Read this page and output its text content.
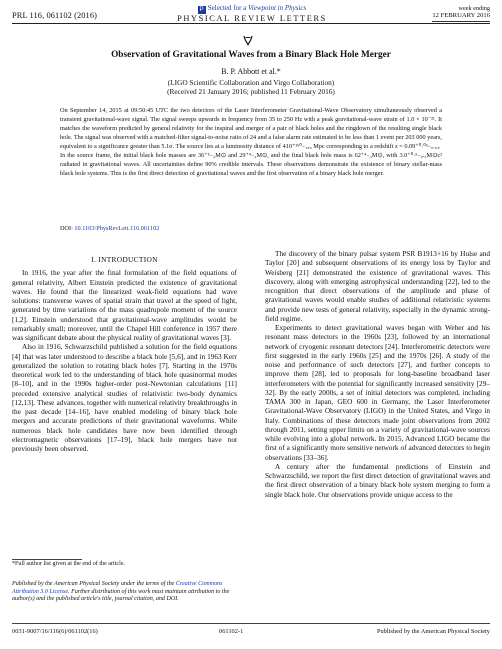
PRL 116, 061102 (2016)
P Selected for a Viewpoint in Physics
PHYSICAL REVIEW LETTERS
week ending
12 FEBRUARY 2016
Observation of Gravitational Waves from a Binary Black Hole Merger
B. P. Abbott et al.*
(LIGO Scientific Collaboration and Virgo Collaboration)
(Received 21 January 2016; published 11 February 2016)

On September 14, 2015 at 09:50:45 UTC the two detectors of the Laser Interferometer Gravitational-Wave Observatory simultaneously observed a transient gravitational-wave signal. The signal sweeps upwards in frequency from 35 to 250 Hz with a peak gravitational-wave strain of 1.0 × 10⁻²¹. It matches the waveform predicted by general relativity for the inspiral and merger of a pair of black holes and the ringdown of the resulting single black hole. The signal was observed with a matched-filter signal-to-noise ratio of 24 and a false alarm rate estimated to be less than 1 event per 203 000 years, equivalent to a significance greater than 5.1σ. The source lies at a luminosity distance of 410⁺¹⁶⁰₋₁₈₀ Mpc corresponding to a redshift z = 0.09⁺⁰·⁰³₋₀.₀₄.

In the source frame, the initial black hole masses are 36⁺⁵₋₄M⊙ and 29⁺⁴₋₄M⊙, and the final black hole mass is 62⁺⁴₋₄M⊙, with 3.0⁺⁰·⁵₋₀.₅M⊙c² radiated in gravitational waves. All uncertainties define 90% credible intervals. These observations demonstrate the existence of binary stellar-mass black hole systems. This is the first direct detection of gravitational waves and the first observation of a binary black hole merger.

DOI: 10.1103/PhysRevLett.116.061102
I. INTRODUCTION

In 1916, the year after the final formulation of the field equations of general relativity, Albert Einstein predicted the existence of gravitational waves. He found that the linearized weak-field equations had wave solutions: transverse waves of spatial strain that travel at the speed of light, generated by time variations of the mass quadrupole moment of the source [1,2]. Einstein understood that gravitational-wave amplitudes would be remarkably small; moreover, until the Chapel Hill conference in 1957 there was significant debate about the physical reality of gravitational waves [3].

Also in 1916, Schwarzschild published a solution for the field equations [4] that was later understood to describe a black hole [5,6], and in 1963 Kerr generalized the solution to rotating black holes [7]. Starting in the 1970s theoretical work led to the understanding of black hole quasinormal modes [8–10], and in the 1990s higher-order post-Newtonian calculations [11] preceded extensive analytical studies of relativistic two-body dynamics [12,13]. These advances, together with numerical relativity breakthroughs in the past decade [14–16], have enabled modeling of binary black hole mergers and accurate predictions of their gravitational waveforms. While numerous black hole candidates have now been identified through electromagnetic observations [17–19], black hole mergers have not previously been observed.

*Full author list given at the end of the article.
Published by the American Physical Society under the terms of the Creative Commons Attribution 3.0 License. Further distribution of this work must maintain attribution to the author(s) and the published article's title, journal citation, and DOI.

The discovery of the binary pulsar system PSR B1913+16 by Hulse and Taylor [20] and subsequent observations of its energy loss by Taylor and Weisberg [21] demonstrated the existence of gravitational waves. This discovery, along with emerging astrophysical understanding [22], led to the recognition that direct observations of the amplitude and phase of gravitational waves would enable studies of additional relativistic systems and provide new tests of general relativity, especially in the dynamic strong-field regime.

Experiments to detect gravitational waves began with Weber and his resonant mass detectors in the 1960s [23], followed by an international network of cryogenic resonant detectors [24]. Interferometric detectors were first suggested in the early 1960s [25] and the 1970s [26]. A study of the noise and performance of such detectors [27], and further concepts to improve them [28], led to proposals for long-baseline broadband laser interferometers with the potential for significantly increased sensitivity [29–32]. By the early 2000s, a set of initial detectors was completed, including TAMA 300 in Japan, GEO 600 in Germany, the Laser Interferometer Gravitational-Wave Observatory (LIGO) in the United States, and Virgo in Italy. Combinations of these detectors made joint observations from 2002 through 2011, setting upper limits on a variety of gravitational-wave sources while evolving into a global network. In 2015, Advanced LIGO became the first of a significantly more sensitive network of advanced detectors to begin observations [33–36].

A century after the fundamental predictions of Einstein and Schwarzschild, we report the first direct detection of gravitational waves and the first direct observation of a binary black hole system merging to form a single black hole. Our observations provide unique access to the

0031-9007/16/116(6)/061102(16)	061102-1	Published by the American Physical Society
